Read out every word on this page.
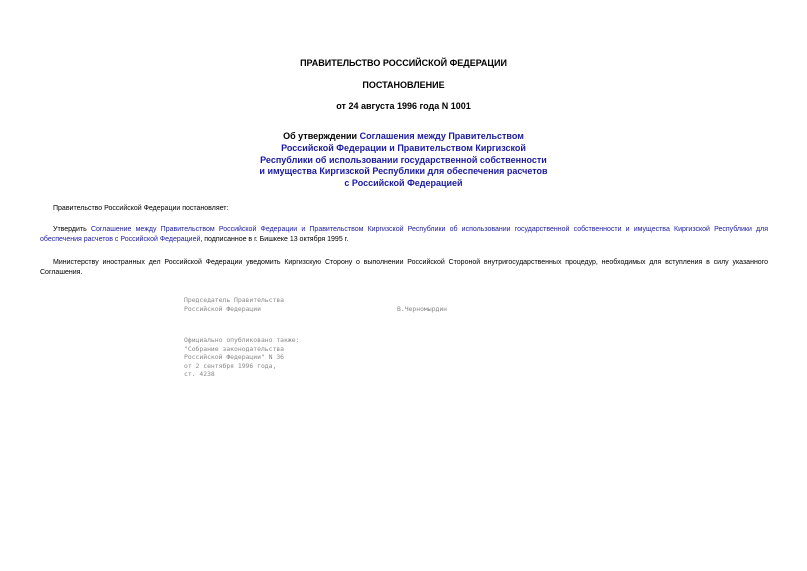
ПРАВИТЕЛЬСТВО РОССИЙСКОЙ ФЕДЕРАЦИИ
ПОСТАНОВЛЕНИЕ
от 24 августа 1996 года N 1001
Об утверждении Соглашения между Правительством
Российской Федерации и Правительством Киргизской
Республики об использовании государственной собственности
и имущества Киргизской Республики для обеспечения расчетов
с Российской Федерацией
Правительство Российской Федерации постановляет:
Утвердить Соглашение между Правительством Российской Федерации и Правительством Киргизской Республики об использовании государственной собственности и имущества Киргизской Республики для обеспечения расчетов с Российской Федерацией, подписанное в г. Бишкеке 13 октября 1995 г.
Министерству иностранных дел Российской Федерации уведомить Киргизскую Сторону о выполнении Российской Стороной внутригосударственных процедур, необходимых для вступления в силу указанного Соглашения.
Председатель Правительства
Российской Федерации	В.Черномырдин
Официально опубликовано также:
"Собрание законодательства
Российской Федерации" N 36
от 2 сентября 1996 года,
ст. 4238
